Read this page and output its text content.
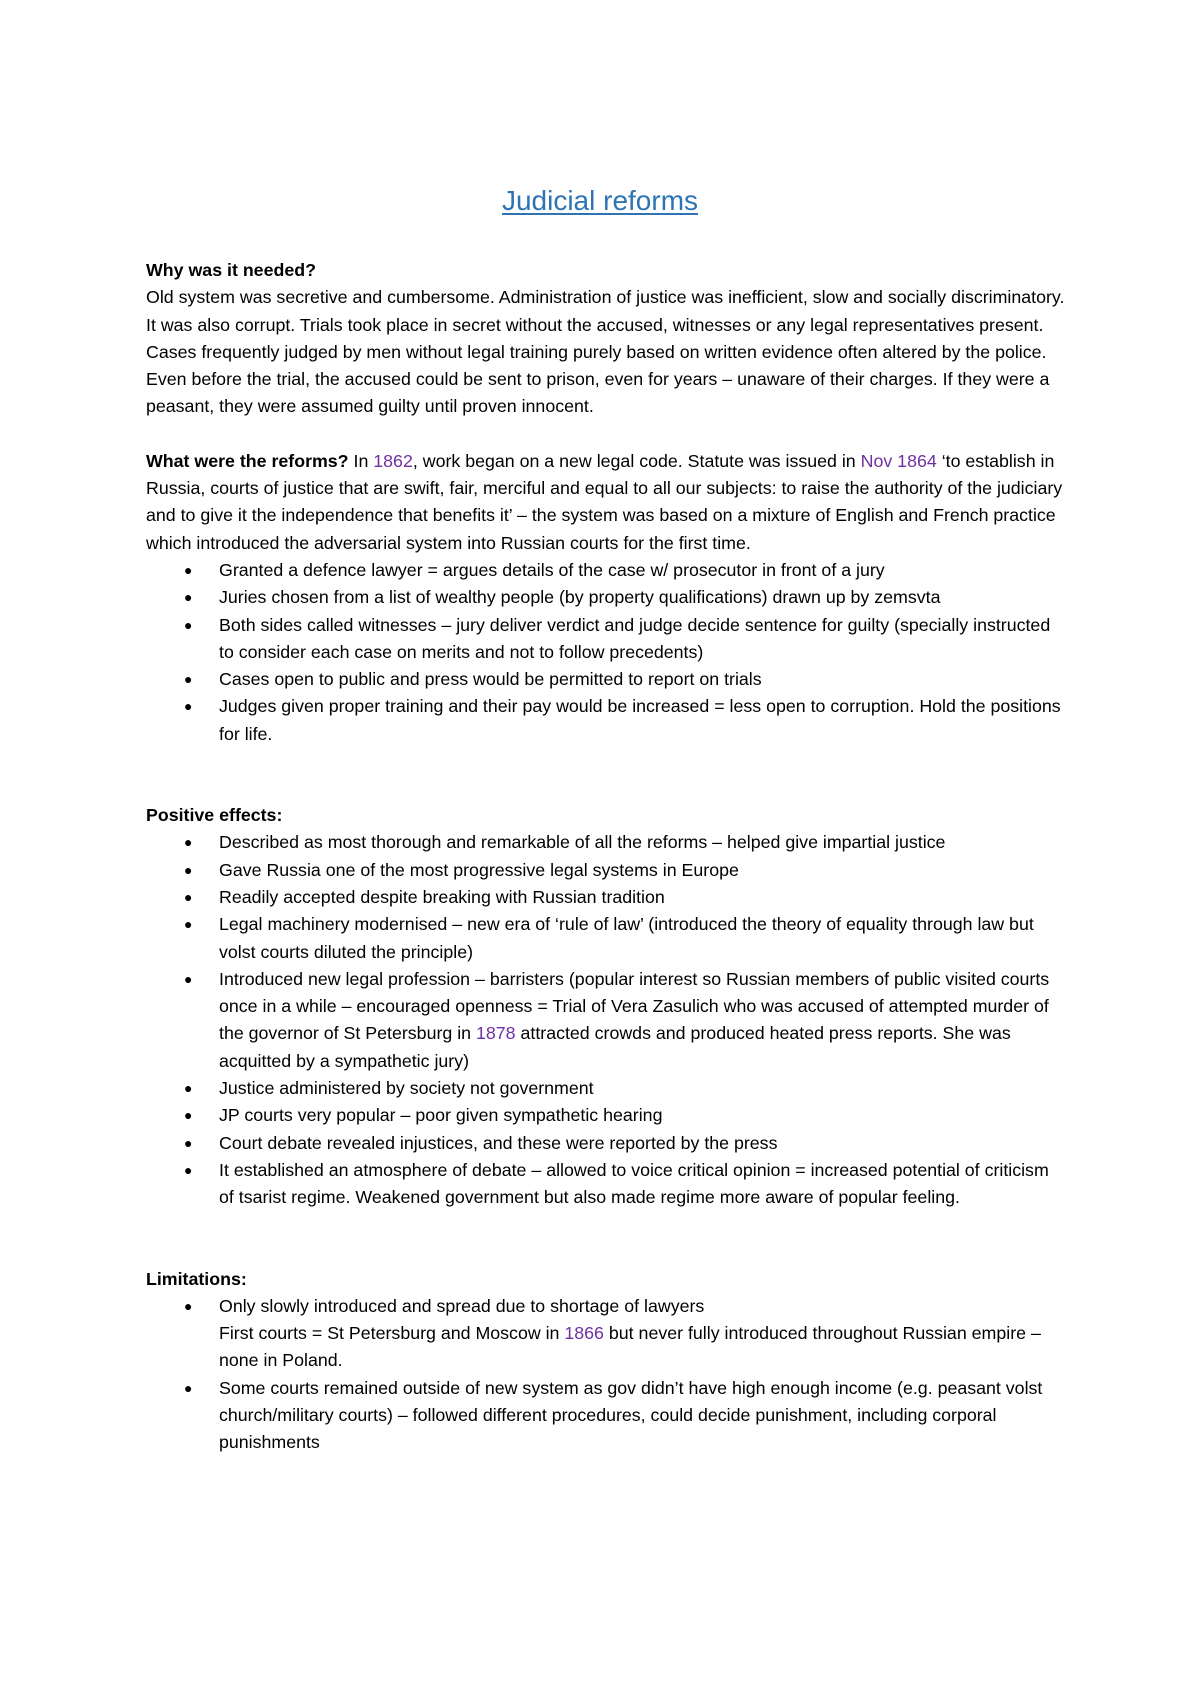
Judicial reforms

Why was it needed?

Old system was secretive and cumbersome. Administration of justice was inefficient, slow and socially discriminatory. It was also corrupt. Trials took place in secret without the accused, witnesses or any legal representatives present. Cases frequently judged by men without legal training purely based on written evidence often altered by the police. Even before the trial, the accused could be sent to prison, even for years – unaware of their charges. If they were a peasant, they were assumed guilty until proven innocent.

What were the reforms? In 1862, work began on a new legal code. Statute was issued in Nov 1864 ‘to establish in Russia, courts of justice that are swift, fair, merciful and equal to all our subjects: to raise the authority of the judiciary and to give it the independence that benefits it’ – the system was based on a mixture of English and French practice which introduced the adversarial system into Russian courts for the first time.

● Granted a defence lawyer = argues details of the case w/ prosecutor in front of a jury
● Juries chosen from a list of wealthy people (by property qualifications) drawn up by zemsvta
● Both sides called witnesses – jury deliver verdict and judge decide sentence for guilty (specially instructed to consider each case on merits and not to follow precedents)
● Cases open to public and press would be permitted to report on trials
● Judges given proper training and their pay would be increased = less open to corruption. Hold the positions for life.

Positive effects:

● Described as most thorough and remarkable of all the reforms – helped give impartial justice
● Gave Russia one of the most progressive legal systems in Europe
● Readily accepted despite breaking with Russian tradition
● Legal machinery modernised – new era of ‘rule of law’ (introduced the theory of equality through law but volst courts diluted the principle)
● Introduced new legal profession – barristers (popular interest so Russian members of public visited courts once in a while – encouraged openness = Trial of Vera Zasulich who was accused of attempted murder of the governor of St Petersburg in 1878 attracted crowds and produced heated press reports. She was acquitted by a sympathetic jury)
● Justice administered by society not government
● JP courts very popular – poor given sympathetic hearing
● Court debate revealed injustices, and these were reported by the press
● It established an atmosphere of debate – allowed to voice critical opinion = increased potential of criticism of tsarist regime. Weakened government but also made regime more aware of popular feeling.

Limitations:

● Only slowly introduced and spread due to shortage of lawyers
First courts = St Petersburg and Moscow in 1866 but never fully introduced throughout Russian empire – none in Poland.
● Some courts remained outside of new system as gov didn’t have high enough income (e.g. peasant volst church/military courts) – followed different procedures, could decide punishment, including corporal punishments
